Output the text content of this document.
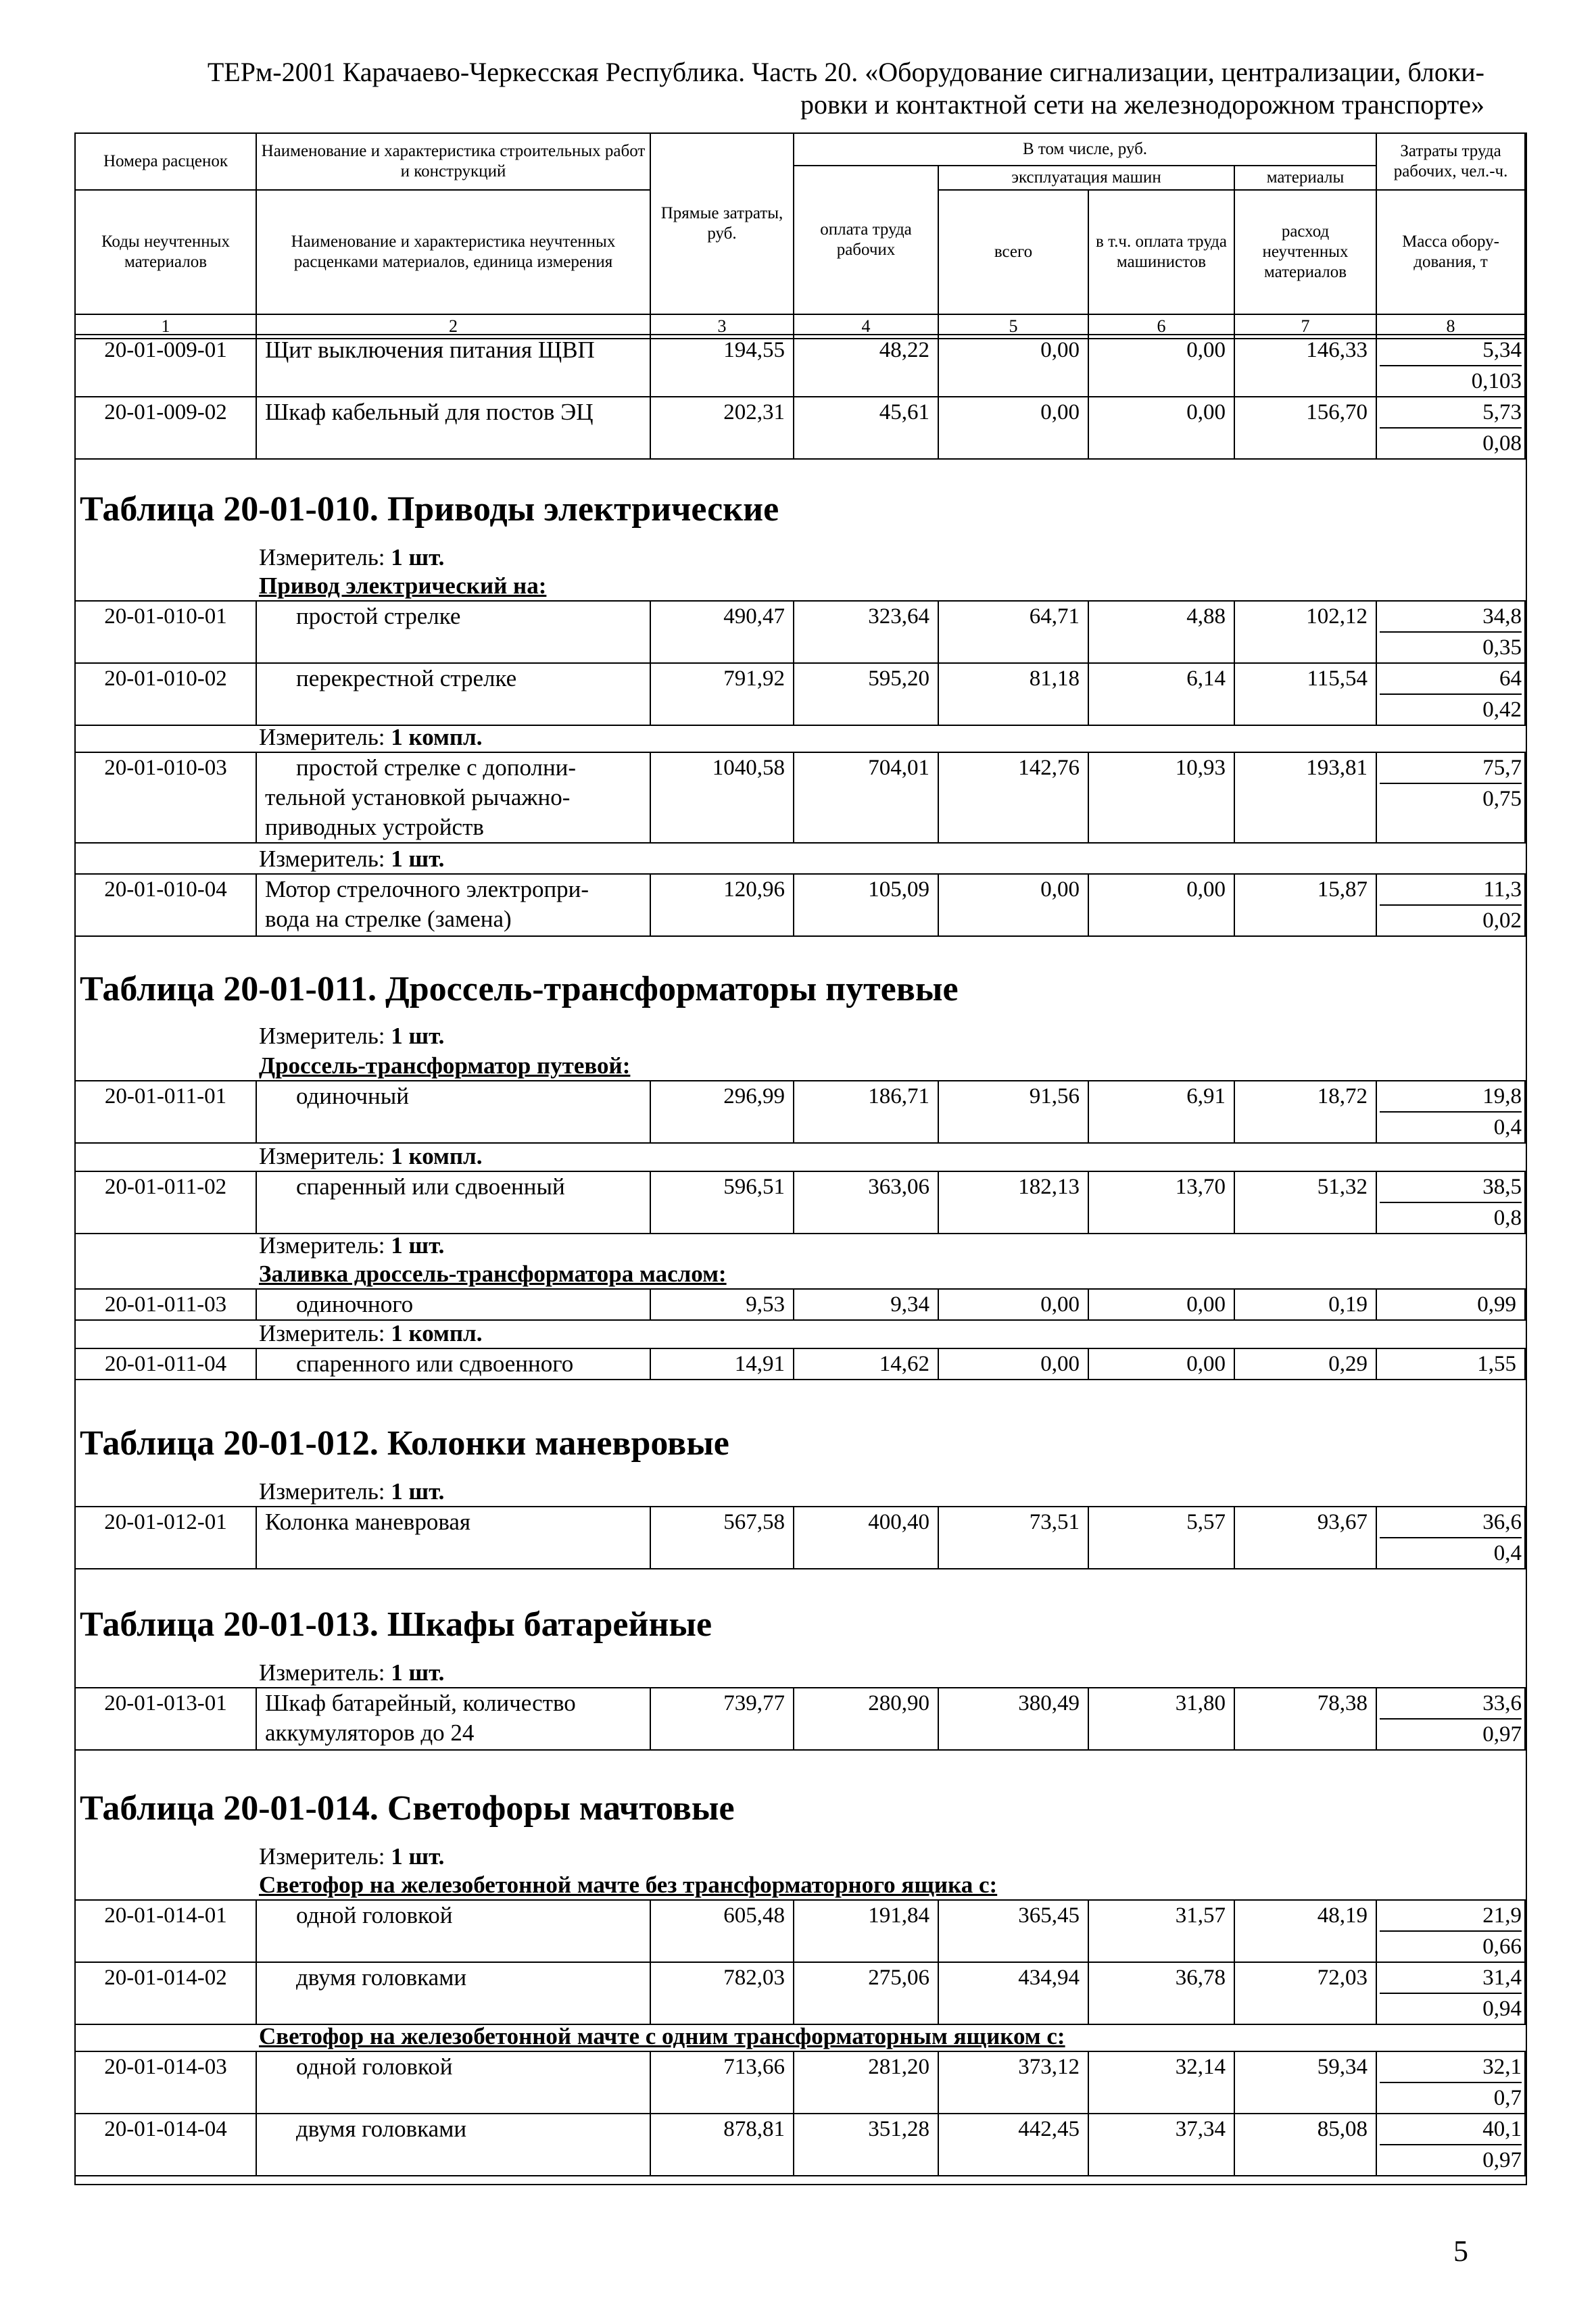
ТЕРм-2001 Карачаево-Черкесская Республика. Часть 20. «Оборудование сигнализации, централизации, блоки-
ровки и контактной сети на железнодорожном транспорте»
Номера расценок	Наименование и характеристика строительных работ и конструкций	Прямые затраты, руб.	В том числе, руб.				Затраты труда рабочих, чел.-ч.
			оплата труда рабочих	эксплуатация машин		материалы	
Коды неучтенных материалов	Наименование и характеристика неучтенных расценками материалов, единица измерения			всего	в т.ч. оплата труда машинистов	расход неучтенных материалов	Масса обору-дования, т
1	2	3	4	5	6	7	8
20-01-009-01	Щит выключения питания ЩВП	194,55	48,22	0,00	0,00	146,33	5,34
0,103

20-01-009-02	Шкаф кабельный для постов ЭЦ	202,31	45,61	0,00	0,00	156,70	5,73
0,08
Таблица 20-01-010. Приводы электрические
Измеритель: 1 шт.
Привод электрический на:
20-01-010-01	простой стрелке	490,47	323,64	64,71	4,88	102,12	34,8
0,35

20-01-010-02	перекрестной стрелке	791,92	595,20	81,18	6,14	115,54	64
0,42
Измеритель: 1 компл.
20-01-010-03	простой стрелке с дополни-
тельной установкой рычажно-
приводных устройств
	1040,58	704,01	142,76	10,93	193,81	75,7
0,75
Измеритель: 1 шт.
20-01-010-04	Мотор стрелочного электропри-
вода на стрелке (замена)
	120,96	105,09	0,00	0,00	15,87	11,3
0,02
Таблица 20-01-011. Дроссель-трансформаторы путевые
Измеритель: 1 шт.
Дроссель-трансформатор путевой:
20-01-011-01	одиночный	296,99	186,71	91,56	6,91	18,72	19,8
0,4
Измеритель: 1 компл.
20-01-011-02	спаренный или сдвоенный	596,51	363,06	182,13	13,70	51,32	38,5
0,8
Измеритель: 1 шт.
Заливка дроссель-трансформатора маслом:
20-01-011-03	одиночного	9,53	9,34	0,00	0,00	0,19	0,99
Измеритель: 1 компл.
20-01-011-04	спаренного или сдвоенного	14,91	14,62	0,00	0,00	0,29	1,55
Таблица 20-01-012. Колонки маневровые
Измеритель: 1 шт.
20-01-012-01	Колонка маневровая	567,58	400,40	73,51	5,57	93,67	36,6
0,4
Таблица 20-01-013. Шкафы батарейные
Измеритель: 1 шт.
20-01-013-01	Шкаф батарейный, количество
аккумуляторов до 24
	739,77	280,90	380,49	31,80	78,38	33,6
0,97
Таблица 20-01-014. Светофоры мачтовые
Измеритель: 1 шт.
Светофор на железобетонной мачте без трансформаторного ящика с:
20-01-014-01	одной головкой	605,48	191,84	365,45	31,57	48,19	21,9
0,66

20-01-014-02	двумя головками	782,03	275,06	434,94	36,78	72,03	31,4
0,94
Светофор на железобетонной мачте с одним трансформаторным ящиком с:
20-01-014-03	одной головкой	713,66	281,20	373,12	32,14	59,34	32,1
0,7

20-01-014-04	двумя головками	878,81	351,28	442,45	37,34	85,08	40,1
0,97
5
